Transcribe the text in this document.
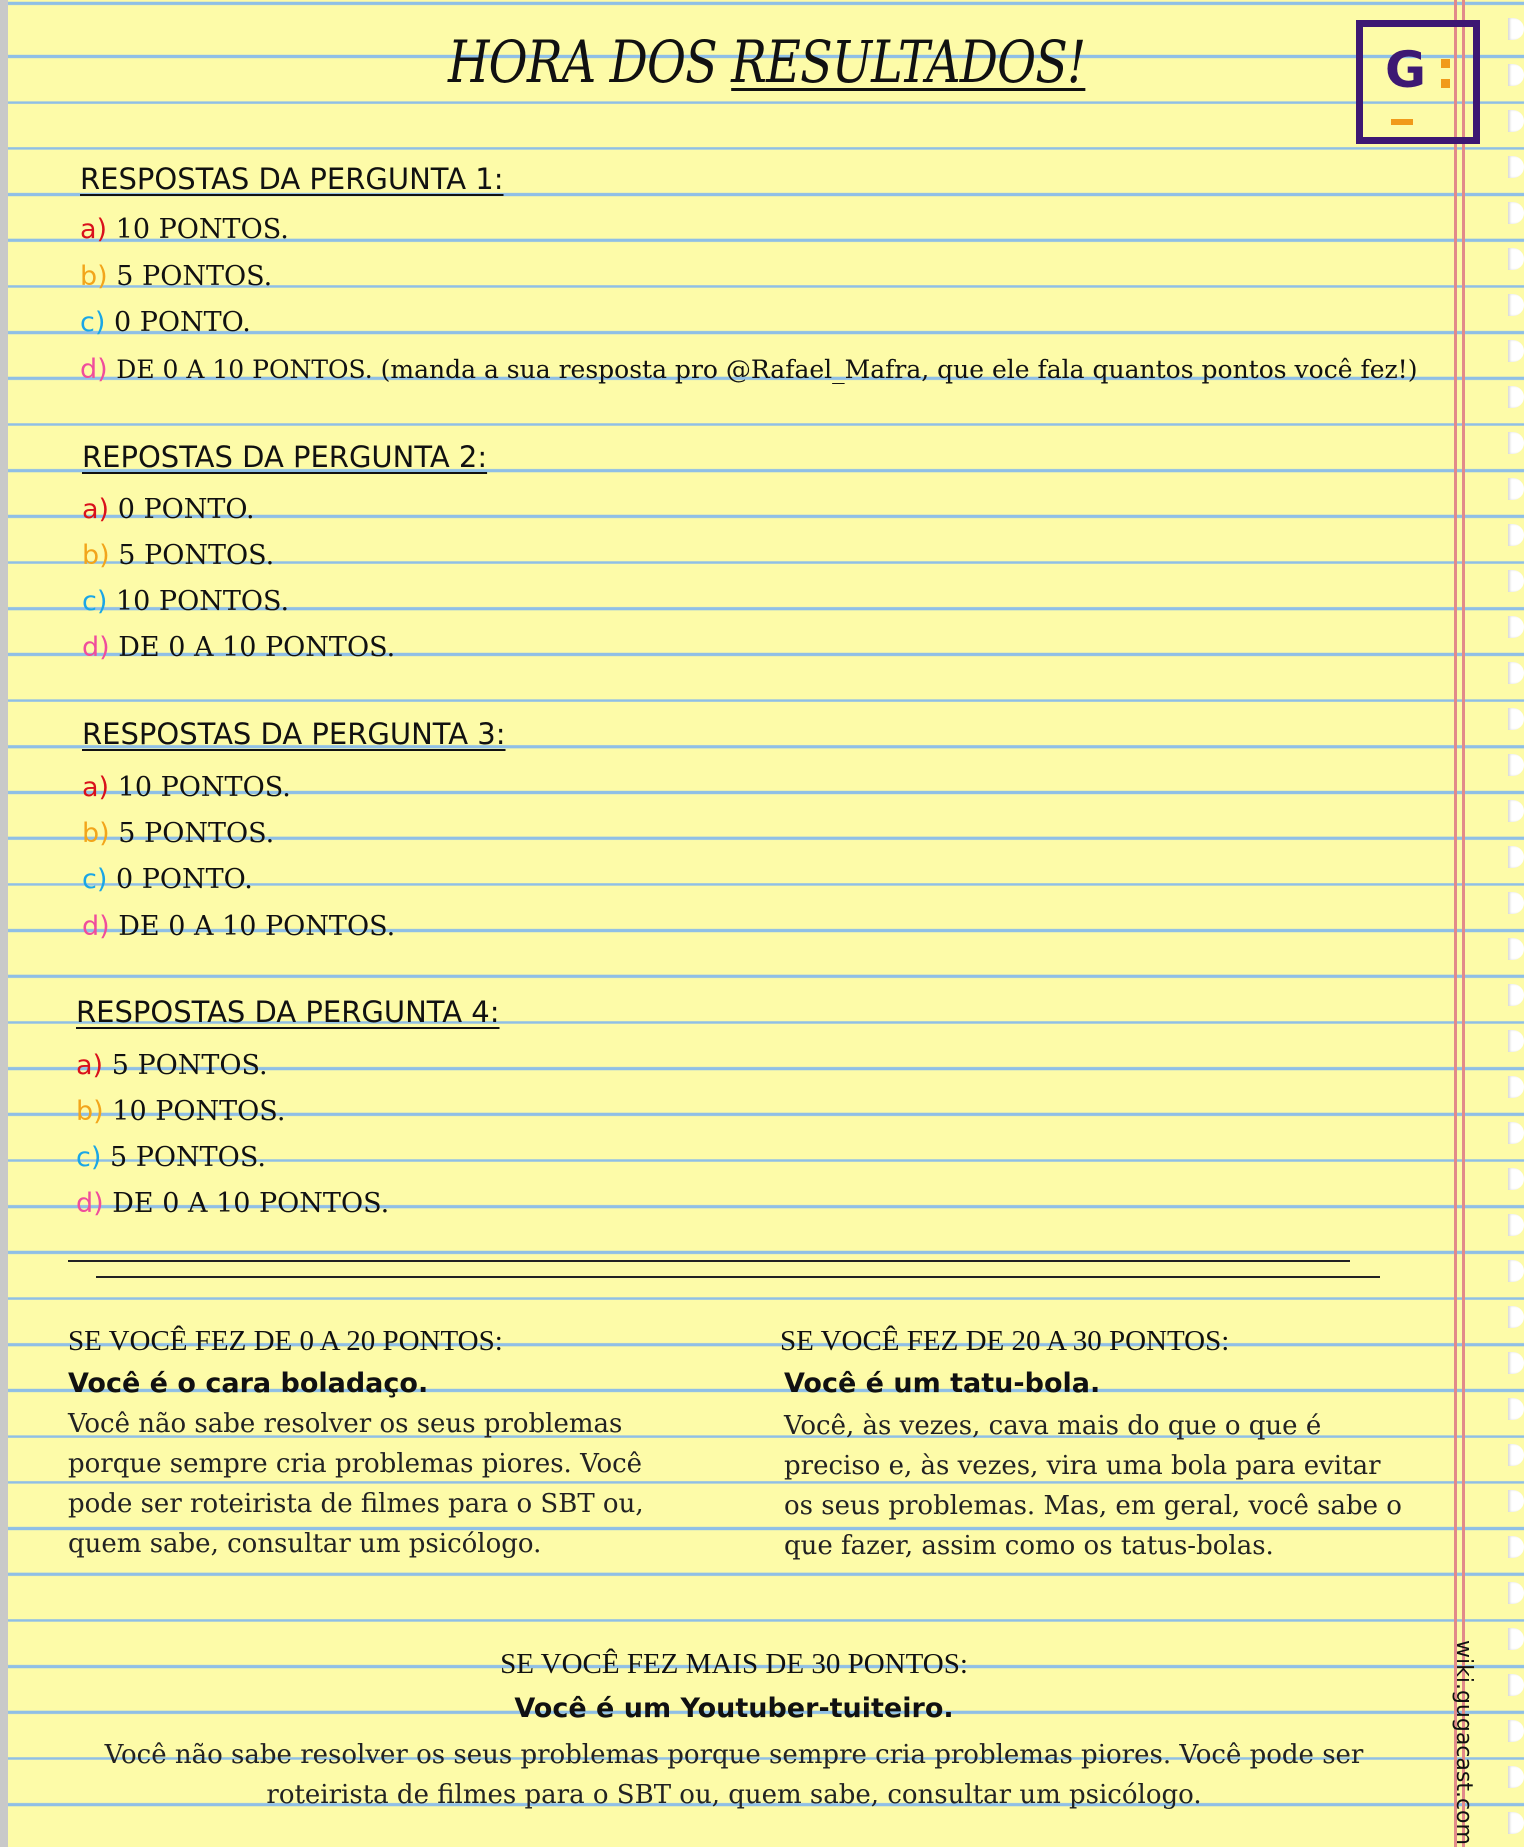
HORA DOS RESULTADOS!	G
RESPOSTAS DA PERGUNTA 1:
a) 10 PONTOS.
b) 5 PONTOS.
c) 0 PONTO.
d) DE 0 A 10 PONTOS. (manda a sua resposta pro @Rafael_Mafra, que ele fala quantos pontos você fez!)
REPOSTAS DA PERGUNTA 2:
a) 0 PONTO.
b) 5 PONTOS.
c) 10 PONTOS.
d) DE 0 A 10 PONTOS.
RESPOSTAS DA PERGUNTA 3:
a) 10 PONTOS.
b) 5 PONTOS.
c) 0 PONTO.
d) DE 0 A 10 PONTOS.
RESPOSTAS DA PERGUNTA 4:
a) 5 PONTOS.
b) 10 PONTOS.
c) 5 PONTOS.
d) DE 0 A 10 PONTOS.
SE VOCÊ FEZ DE 0 A 20 PONTOS:
Você é o cara boladaço.
Você não sabe resolver os seus problemas porque sempre cria problemas piores. Você pode ser roteirista de filmes para o SBT ou, quem sabe, consultar um psicólogo.
SE VOCÊ FEZ DE 20 A 30 PONTOS:
Você é um tatu-bola.
Você, às vezes, cava mais do que o que é preciso e, às vezes, vira uma bola para evitar os seus problemas. Mas, em geral, você sabe o que fazer, assim como os tatus-bolas.
SE VOCÊ FEZ MAIS DE 30 PONTOS:
Você é um Youtuber-tuiteiro.
Você não sabe resolver os seus problemas porque sempre cria problemas piores. Você pode ser roteirista de filmes para o SBT ou, quem sabe, consultar um psicólogo.	wiki.gugacast.com
